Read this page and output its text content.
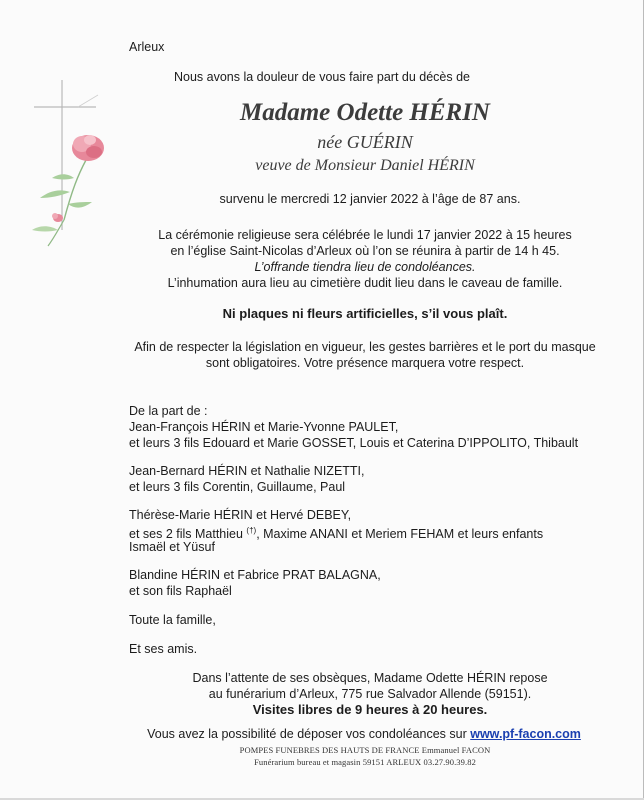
Arleux
Nous avons la douleur de vous faire part du décès de
Madame Odette HÉRIN
née GUÉRIN
veuve de Monsieur Daniel HÉRIN
survenu le mercredi 12 janvier 2022 à l’âge de 87 ans.
La cérémonie religieuse sera célébrée le lundi 17 janvier 2022 à 15 heures
en l’église Saint-Nicolas d’Arleux où l’on se réunira à partir de 14 h 45.
L’offrande tiendra lieu de condoléances.
L’inhumation aura lieu au cimetière dudit lieu dans le caveau de famille.
Ni plaques ni fleurs artificielles, s’il vous plaît.
Afin de respecter la législation en vigueur, les gestes barrières et le port du masque
sont obligatoires. Votre présence marquera votre respect.
De la part de :
Jean-François HÉRIN et Marie-Yvonne PAULET,
et leurs 3 fils Edouard et Marie GOSSET, Louis et Caterina D’IPPOLITO, Thibault
Jean-Bernard HÉRIN et Nathalie NIZETTI,
et leurs 3 fils Corentin, Guillaume, Paul
Thérèse-Marie HÉRIN et Hervé DEBEY,
et ses 2 fils Matthieu (†), Maxime ANANI et Meriem FEHAM et leurs enfants
Ismaël et Yüsuf
Blandine HÉRIN et Fabrice PRAT BALAGNA,
et son fils Raphaël
Toute la famille,
Et ses amis.
Dans l’attente de ses obsèques, Madame Odette HÉRIN repose
au funérarium d’Arleux, 775 rue Salvador Allende (59151).
Visites libres de 9 heures à 20 heures.
Vous avez la possibilité de déposer vos condoléances sur www.pf-facon.com
POMPES FUNEBRES DES HAUTS DE FRANCE Emmanuel FACON
Funérarium bureau et magasin 59151 ARLEUX 03.27.90.39.82
